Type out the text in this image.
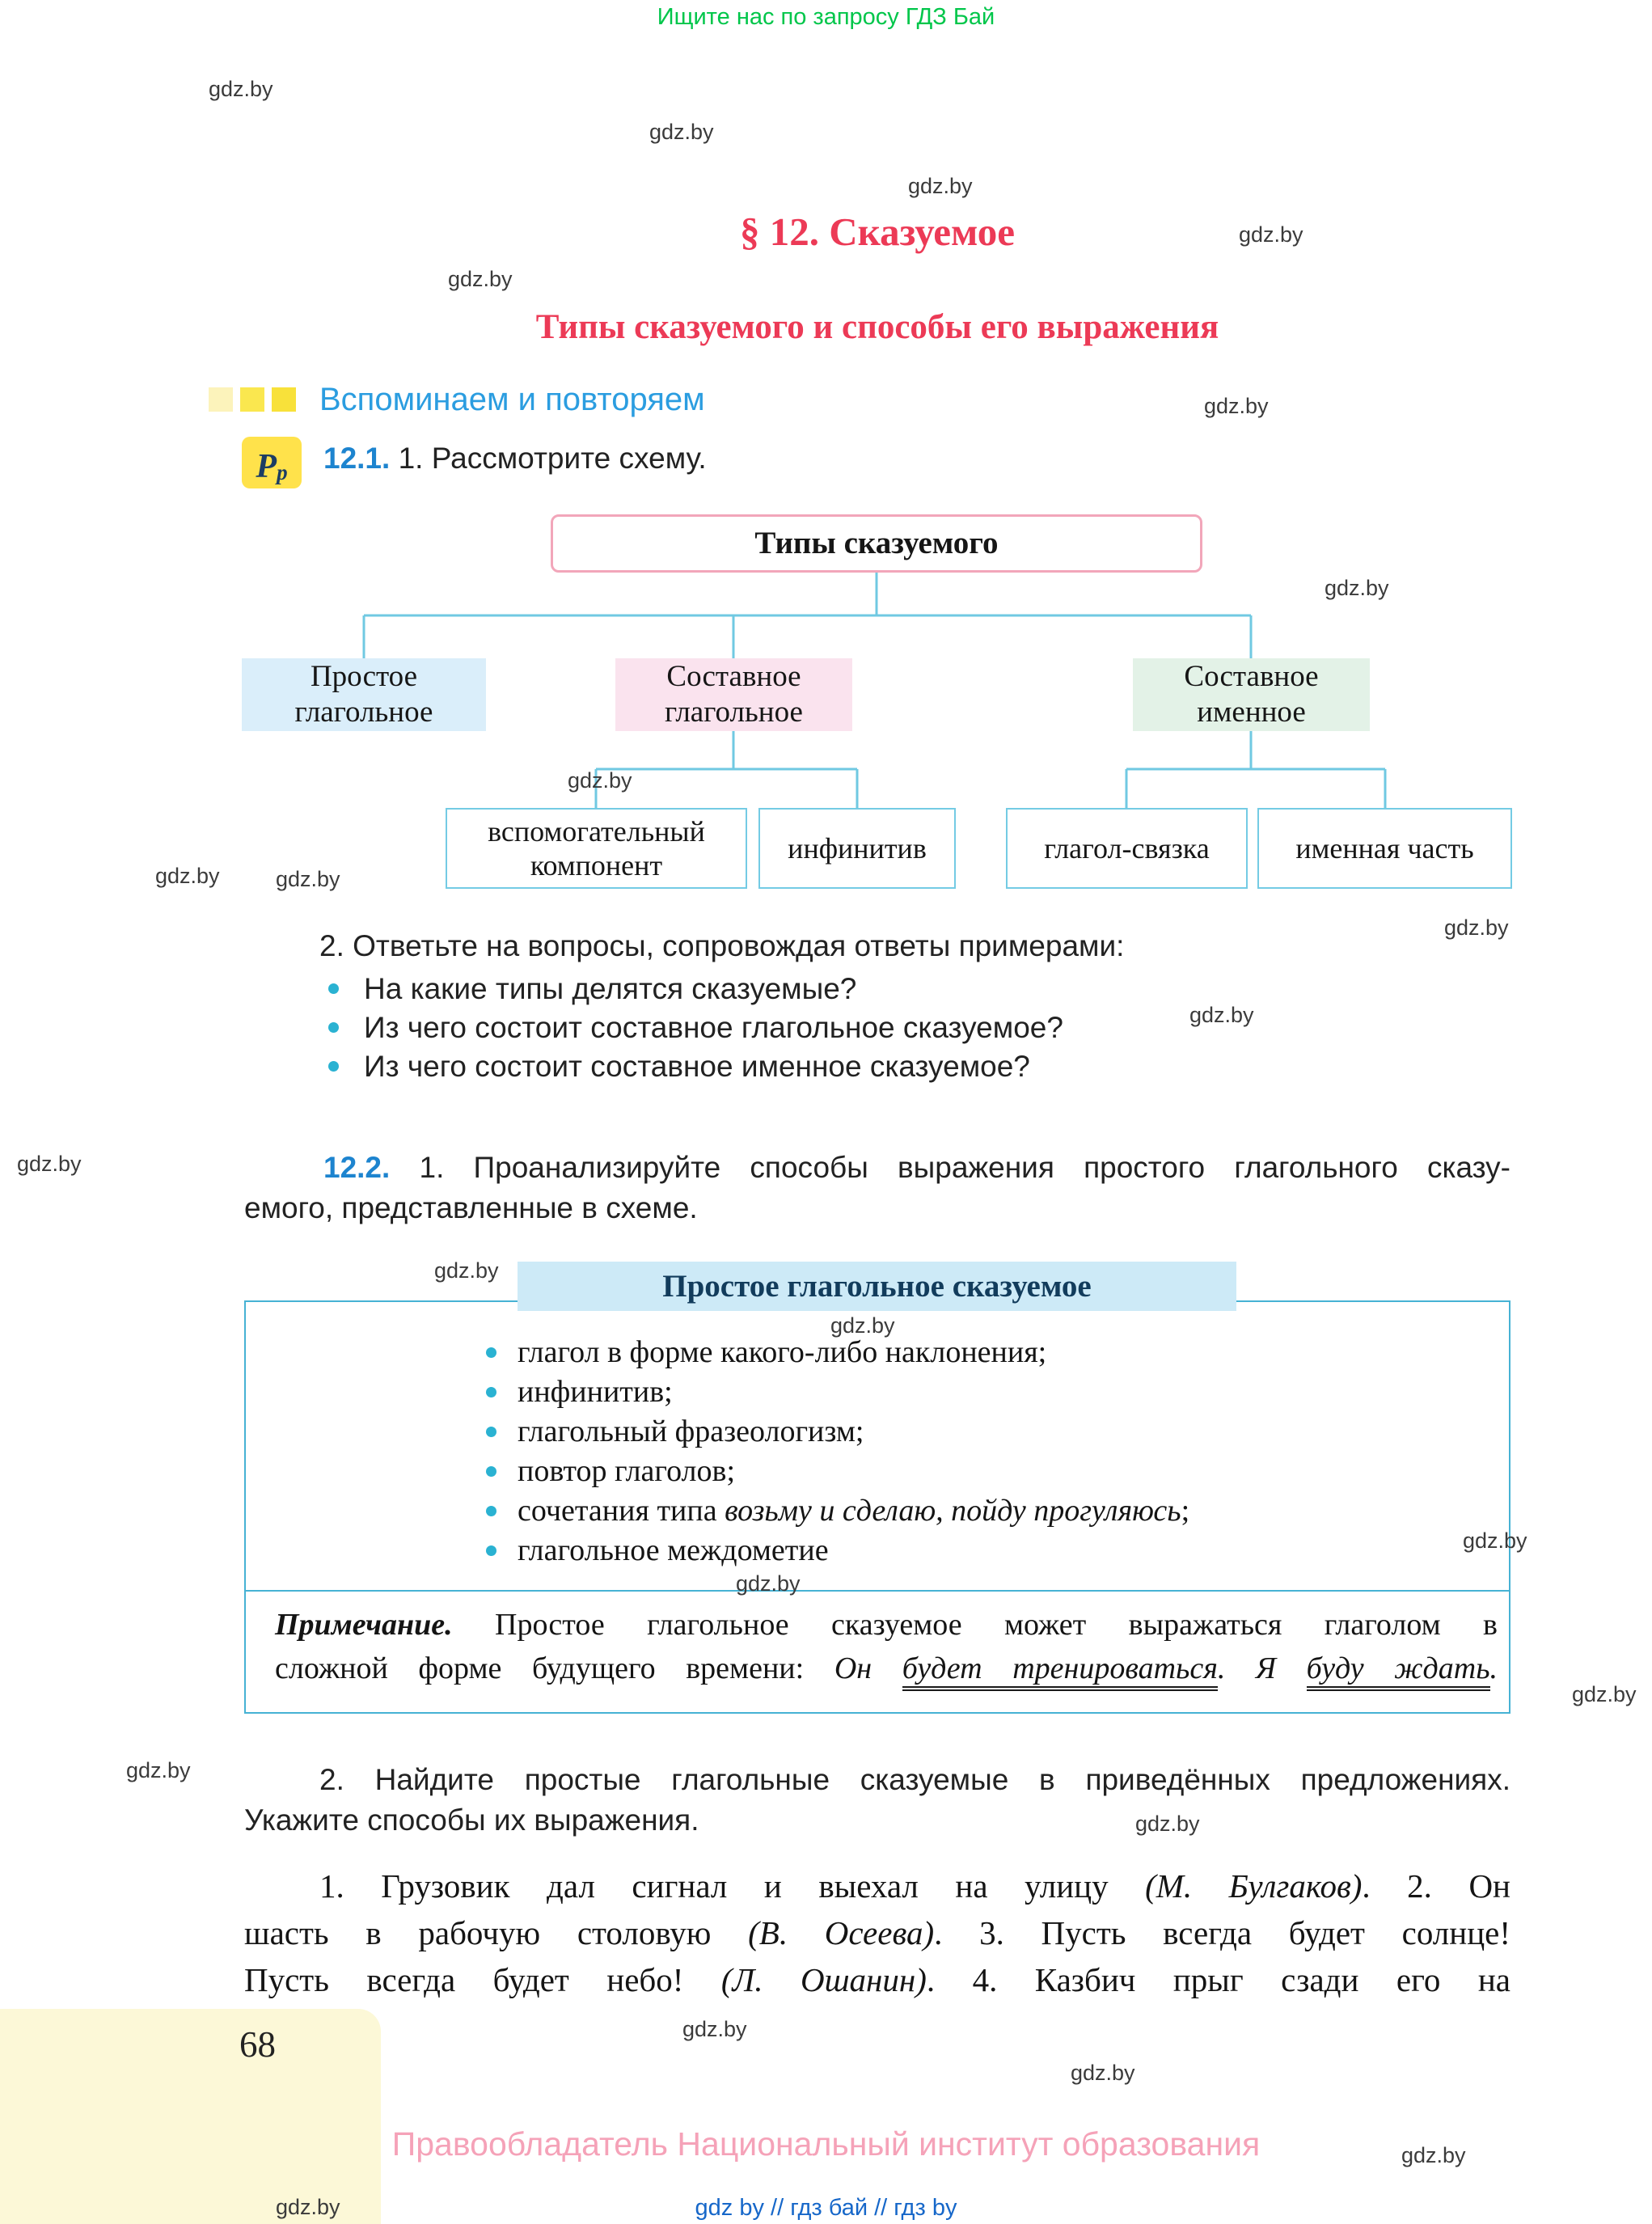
Ищите нас по запросу ГДЗ Бай
gdz.by
gdz.by
gdz.by
gdz.by
gdz.by
gdz.by
gdz.by
gdz.by
gdz.by
gdz.by
gdz.by
gdz.by
gdz.by
gdz.by
gdz.by
gdz.by
gdz.by
gdz.by
gdz.by
gdz.by
gdz.by
gdz.by
gdz.by
gdz.by
§ 12. Сказуемое
Типы сказуемого и способы его выражения
Вспоминаем и повторяем
Р р 12.1. 1. Рассмотрите схему.
Типы сказуемого
Простое глагольное
Составное глагольное
Составное именное
вспомогательный компонент
инфинитив	глагол-связка	именная часть
2. Ответьте на вопросы, сопровождая ответы примерами:
На какие типы делятся сказуемые?
Из чего состоит составное глагольное сказуемое?
Из чего состоит составное именное сказуемое?
12.2. 1. Проанализируйте способы выражения простого глагольного сказу-
емого, представленные в схеме.
Простое глагольное сказуемое
глагол в форме какого-либо наклонения;
инфинитив;
глагольный фразеологизм;
повтор глаголов;
сочетания типа возьму и сделаю, пойду прогуляюсь;
глагольное междометие
Примечание. Простое глагольное сказуемое может выражаться глаголом в
сложной форме будущего времени: Он будет тренироваться. Я буду ждать.
2. Найдите простые глагольные сказуемые в приведённых предложениях.
Укажите способы их выражения.
1. Грузовик дал сигнал и выехал на улицу (М. Булгаков). 2. Он
шасть в рабочую столовую (В. Осеева). 3. Пусть всегда будет солнце!
Пусть всегда будет небо! (Л. Ошанин). 4. Казбич прыг сзади его на
68
Правообладатель Национальный институт образования
gdz by // гдз бай // гдз by
